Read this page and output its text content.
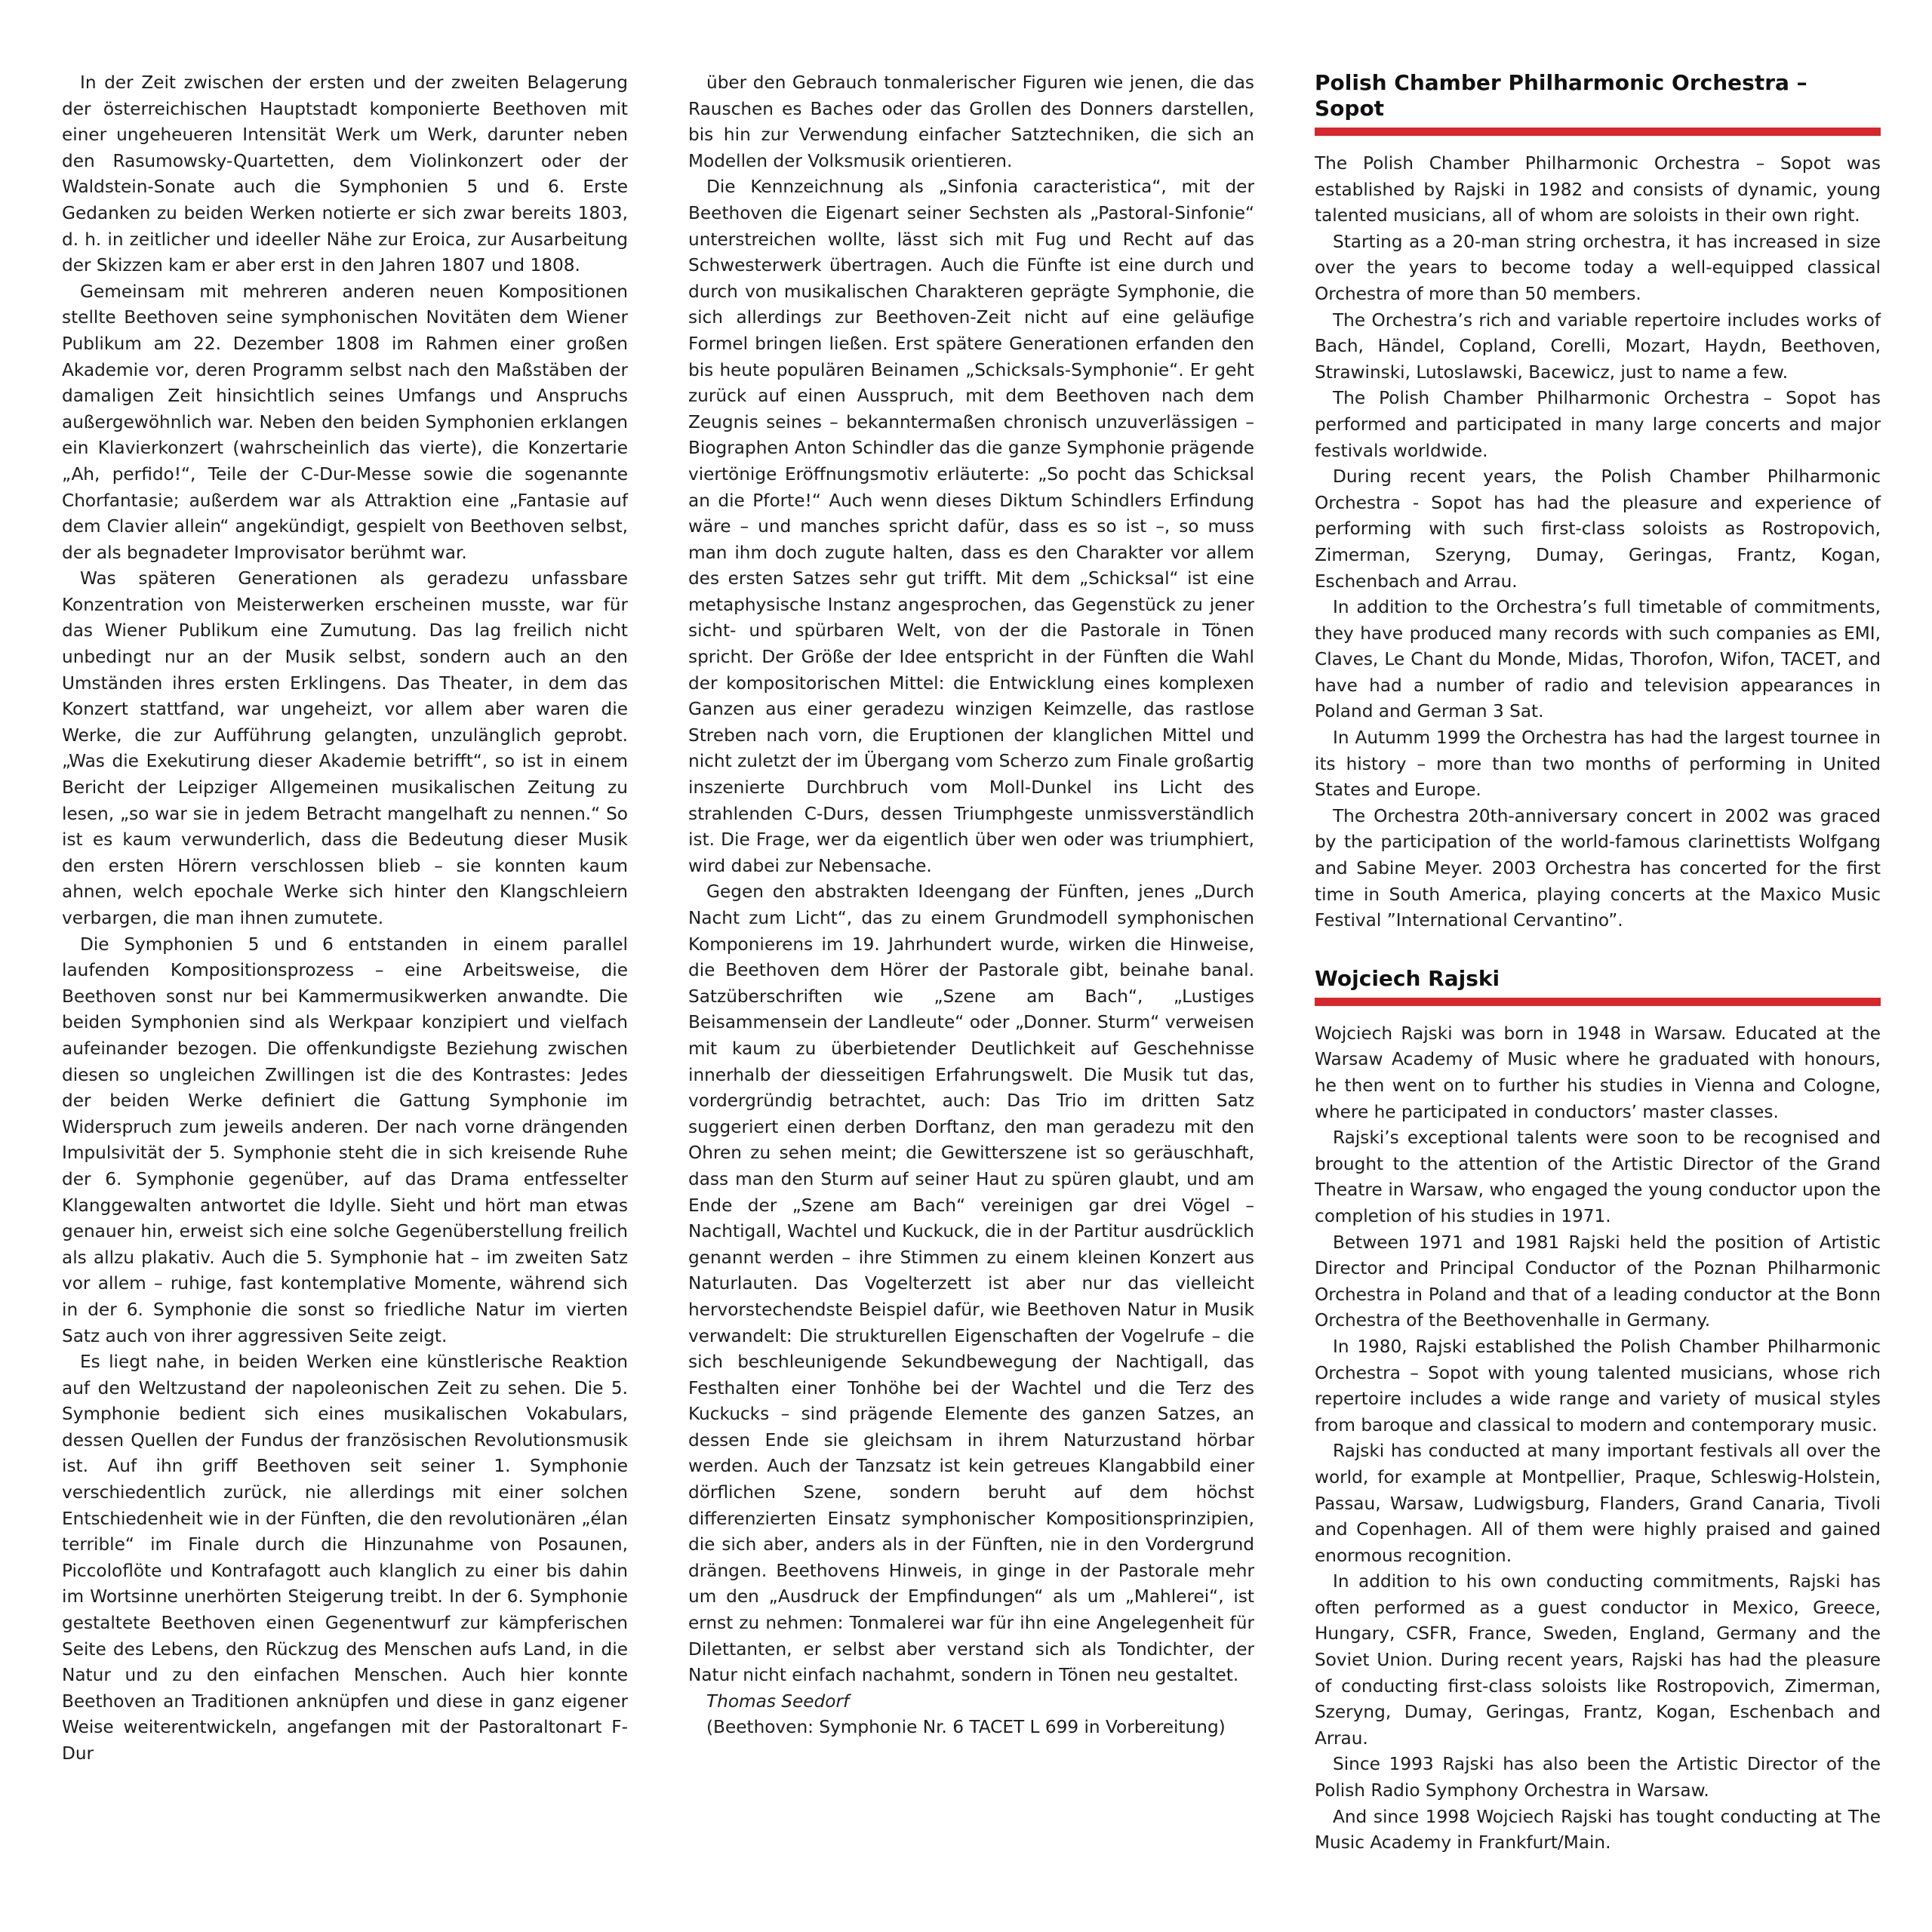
In der Zeit zwischen der ersten und der zweiten Belagerung der österreichischen Hauptstadt komponierte Beethoven mit einer ungeheueren Intensität Werk um Werk, darunter neben den Rasumowsky-Quartetten, dem Violinkonzert oder der Waldstein-Sonate auch die Symphonien 5 und 6. Erste Gedanken zu beiden Werken notierte er sich zwar bereits 1803, d. h. in zeitlicher und ideeller Nähe zur Eroica, zur Ausarbeitung der Skizzen kam er aber erst in den Jahren 1807 und 1808.

Gemeinsam mit mehreren anderen neuen Kompositionen stellte Beethoven seine symphonischen Novitäten dem Wiener Publikum am 22. Dezember 1808 im Rahmen einer großen Akademie vor, deren Programm selbst nach den Maßstäben der damaligen Zeit hinsichtlich seines Umfangs und Anspruchs außergewöhnlich war. Neben den beiden Symphonien erklangen ein Klavierkonzert (wahrscheinlich das vierte), die Konzertarie „Ah, perfido!“, Teile der C-Dur-Messe sowie die sogenannte Chorfantasie; außerdem war als Attraktion eine „Fantasie auf dem Clavier allein“ angekündigt, gespielt von Beethoven selbst, der als begnadeter Improvisator berühmt war.

Was späteren Generationen als geradezu unfassbare Konzentration von Meisterwerken erscheinen musste, war für das Wiener Publikum eine Zumutung. Das lag freilich nicht unbedingt nur an der Musik selbst, sondern auch an den Umständen ihres ersten Erklingens. Das Theater, in dem das Konzert stattfand, war ungeheizt, vor allem aber waren die Werke, die zur Aufführung gelangten, unzulänglich geprobt. „Was die Exekutirung dieser Akademie betrifft“, so ist in einem Bericht der Leipziger Allgemeinen musikalischen Zeitung zu lesen, „so war sie in jedem Betracht mangelhaft zu nennen.“ So ist es kaum verwunderlich, dass die Bedeutung dieser Musik den ersten Hörern verschlossen blieb – sie konnten kaum ahnen, welch epochale Werke sich hinter den Klangschleiern verbargen, die man ihnen zumutete.

Die Symphonien 5 und 6 entstanden in einem parallel laufenden Kompositionsprozess – eine Arbeitsweise, die Beethoven sonst nur bei Kammermusikwerken anwandte. Die beiden Symphonien sind als Werkpaar konzipiert und vielfach aufeinander bezogen. Die offenkundigste Beziehung zwischen diesen so ungleichen Zwillingen ist die des Kontrastes: Jedes der beiden Werke definiert die Gattung Symphonie im Widerspruch zum jeweils anderen. Der nach vorne drängenden Impulsivität der 5. Symphonie steht die in sich kreisende Ruhe der 6. Symphonie gegenüber, auf das Drama entfesselter Klanggewalten antwortet die Idylle. Sieht und hört man etwas genauer hin, erweist sich eine solche Gegenüberstellung freilich als allzu plakativ. Auch die 5. Symphonie hat – im zweiten Satz vor allem – ruhige, fast kontemplative Momente, während sich in der 6. Symphonie die sonst so friedliche Natur im vierten Satz auch von ihrer aggressiven Seite zeigt.

Es liegt nahe, in beiden Werken eine künstlerische Reaktion auf den Weltzustand der napoleonischen Zeit zu sehen. Die 5. Symphonie bedient sich eines musikalischen Vokabulars, dessen Quellen der Fundus der französischen Revolutionsmusik ist. Auf ihn griff Beethoven seit seiner 1. Symphonie verschiedentlich zurück, nie allerdings mit einer solchen Entschiedenheit wie in der Fünften, die den revolutionären „élan terrible“ im Finale durch die Hinzunahme von Posaunen, Piccoloflöte und Kontrafagott auch klanglich zu einer bis dahin im Wortsinne unerhörten Steigerung treibt. In der 6. Symphonie gestaltete Beethoven einen Gegenentwurf zur kämpferischen Seite des Lebens, den Rückzug des Menschen aufs Land, in die Natur und zu den einfachen Menschen. Auch hier konnte Beethoven an Traditionen anknüpfen und diese in ganz eigener Weise weiterentwickeln, angefangen mit der Pastoraltonart F-Dur

über den Gebrauch tonmalerischer Figuren wie jenen, die das Rauschen es Baches oder das Grollen des Donners darstellen, bis hin zur Verwendung einfacher Satztechniken, die sich an Modellen der Volksmusik orientieren.

Die Kennzeichnung als „Sinfonia caracteristica“, mit der Beethoven die Eigenart seiner Sechsten als „Pastoral-Sinfonie“ unterstreichen wollte, lässt sich mit Fug und Recht auf das Schwesterwerk übertragen. Auch die Fünfte ist eine durch und durch von musikalischen Charakteren geprägte Symphonie, die sich allerdings zur Beethoven-Zeit nicht auf eine geläufige Formel bringen ließen. Erst spätere Generationen erfanden den bis heute populären Beinamen „Schicksals-Symphonie“. Er geht zurück auf einen Ausspruch, mit dem Beethoven nach dem Zeugnis seines – bekanntermaßen chronisch unzuverlässigen – Biographen Anton Schindler das die ganze Symphonie prägende viertönige Eröffnungsmotiv erläuterte: „So pocht das Schicksal an die Pforte!“ Auch wenn dieses Diktum Schindlers Erfindung wäre – und manches spricht dafür, dass es so ist –, so muss man ihm doch zugute halten, dass es den Charakter vor allem des ersten Satzes sehr gut trifft. Mit dem „Schicksal“ ist eine metaphysische Instanz angesprochen, das Gegenstück zu jener sicht- und spürbaren Welt, von der die Pastorale in Tönen spricht. Der Größe der Idee entspricht in der Fünften die Wahl der kompositorischen Mittel: die Entwicklung eines komplexen Ganzen aus einer geradezu winzigen Keimzelle, das rastlose Streben nach vorn, die Eruptionen der klanglichen Mittel und nicht zuletzt der im Übergang vom Scherzo zum Finale großartig inszenierte Durchbruch vom Moll-Dunkel ins Licht des strahlenden C-Durs, dessen Triumphgeste unmissverständlich ist. Die Frage, wer da eigentlich über wen oder was triumphiert, wird dabei zur Nebensache.

Gegen den abstrakten Ideengang der Fünften, jenes „Durch Nacht zum Licht“, das zu einem Grundmodell symphonischen Komponierens im 19. Jahrhundert wurde, wirken die Hinweise, die Beethoven dem Hörer der Pastorale gibt, beinahe banal. Satzüberschriften wie „Szene am Bach“, „Lustiges Beisammensein der Landleute“ oder „Donner. Sturm“ verweisen mit kaum zu überbietender Deutlichkeit auf Geschehnisse innerhalb der diesseitigen Erfahrungswelt. Die Musik tut das, vordergründig betrachtet, auch: Das Trio im dritten Satz suggeriert einen derben Dorftanz, den man geradezu mit den Ohren zu sehen meint; die Gewitterszene ist so geräuschhaft, dass man den Sturm auf seiner Haut zu spüren glaubt, und am Ende der „Szene am Bach“ vereinigen gar drei Vögel – Nachtigall, Wachtel und Kuckuck, die in der Partitur ausdrücklich genannt werden – ihre Stimmen zu einem kleinen Konzert aus Naturlauten. Das Vogelterzett ist aber nur das vielleicht hervorstechendste Beispiel dafür, wie Beethoven Natur in Musik verwandelt: Die strukturellen Eigenschaften der Vogelrufe – die sich beschleunigende Sekundbewegung der Nachtigall, das Festhalten einer Tonhöhe bei der Wachtel und die Terz des Kuckucks – sind prägende Elemente des ganzen Satzes, an dessen Ende sie gleichsam in ihrem Naturzustand hörbar werden. Auch der Tanzsatz ist kein getreues Klangabbild einer dörflichen Szene, sondern beruht auf dem höchst differenzierten Einsatz symphonischer Kompositionsprinzipien, die sich aber, anders als in der Fünften, nie in den Vordergrund drängen. Beethovens Hinweis, in ginge in der Pastorale mehr um den „Ausdruck der Empfindungen“ als um „Mahlerei“, ist ernst zu nehmen: Tonmalerei war für ihn eine Angelegenheit für Dilettanten, er selbst aber verstand sich als Tondichter, der Natur nicht einfach nachahmt, sondern in Tönen neu gestaltet.

Thomas Seedorf

(Beethoven: Symphonie Nr. 6 TACET L 699 in Vorbereitung)

Polish Chamber Philharmonic Orchestra – Sopot

The Polish Chamber Philharmonic Orchestra – Sopot was established by Rajski in 1982 and consists of dynamic, young talented musicians, all of whom are soloists in their own right.

Starting as a 20-man string orchestra, it has increased in size over the years to become today a well-equipped classical Orchestra of more than 50 members.

The Orchestra’s rich and variable repertoire includes works of Bach, Händel, Copland, Corelli, Mozart, Haydn, Beethoven, Strawinski, Lutoslawski, Bacewicz, just to name a few.

The Polish Chamber Philharmonic Orchestra – Sopot has performed and participated in many large concerts and major festivals worldwide.

During recent years, the Polish Chamber Philharmonic Orchestra - Sopot has had the pleasure and experience of performing with such first-class soloists as Rostropovich, Zimerman, Szeryng, Dumay, Geringas, Frantz, Kogan, Eschenbach and Arrau.

In addition to the Orchestra’s full timetable of commitments, they have produced many records with such companies as EMI, Claves, Le Chant du Monde, Midas, Thorofon, Wifon, TACET, and have had a number of radio and television appearances in Poland and German 3 Sat.

In Autumm 1999 the Orchestra has had the largest tournee in its history – more than two months of performing in United States and Europe.

The Orchestra 20th-anniversary concert in 2002 was graced by the participation of the world-famous clarinettists Wolfgang and Sabine Meyer. 2003 Orchestra has concerted for the first time in South America, playing concerts at the Maxico Music Festival ”International Cervantino”.

Wojciech Rajski

Wojciech Rajski was born in 1948 in Warsaw. Educated at the Warsaw Academy of Music where he graduated with honours, he then went on to further his studies in Vienna and Cologne, where he participated in conductors’ master classes.

Rajski’s exceptional talents were soon to be recognised and brought to the attention of the Artistic Director of the Grand Theatre in Warsaw, who engaged the young conductor upon the completion of his studies in 1971.

Between 1971 and 1981 Rajski held the position of Artistic Director and Principal Conductor of the Poznan Philharmonic Orchestra in Poland and that of a leading conductor at the Bonn Orchestra of the Beethovenhalle in Germany.

In 1980, Rajski established the Polish Chamber Philharmonic Orchestra – Sopot with young talented musicians, whose rich repertoire includes a wide range and variety of musical styles from baroque and classical to modern and contemporary music.

Rajski has conducted at many important festivals all over the world, for example at Montpellier, Praque, Schleswig-Holstein, Passau, Warsaw, Ludwigsburg, Flanders, Grand Canaria, Tivoli and Copenhagen. All of them were highly praised and gained enormous recognition.

In addition to his own conducting commitments, Rajski has often performed as a guest conductor in Mexico, Greece, Hungary, CSFR, France, Sweden, England, Germany and the Soviet Union. During recent years, Rajski has had the pleasure of conducting first-class soloists like Rostropovich, Zimerman, Szeryng, Dumay, Geringas, Frantz, Kogan, Eschenbach and Arrau.

Since 1993 Rajski has also been the Artistic Director of the Polish Radio Symphony Orchestra in Warsaw.

And since 1998 Wojciech Rajski has tought conducting at The Music Academy in Frankfurt/Main.
